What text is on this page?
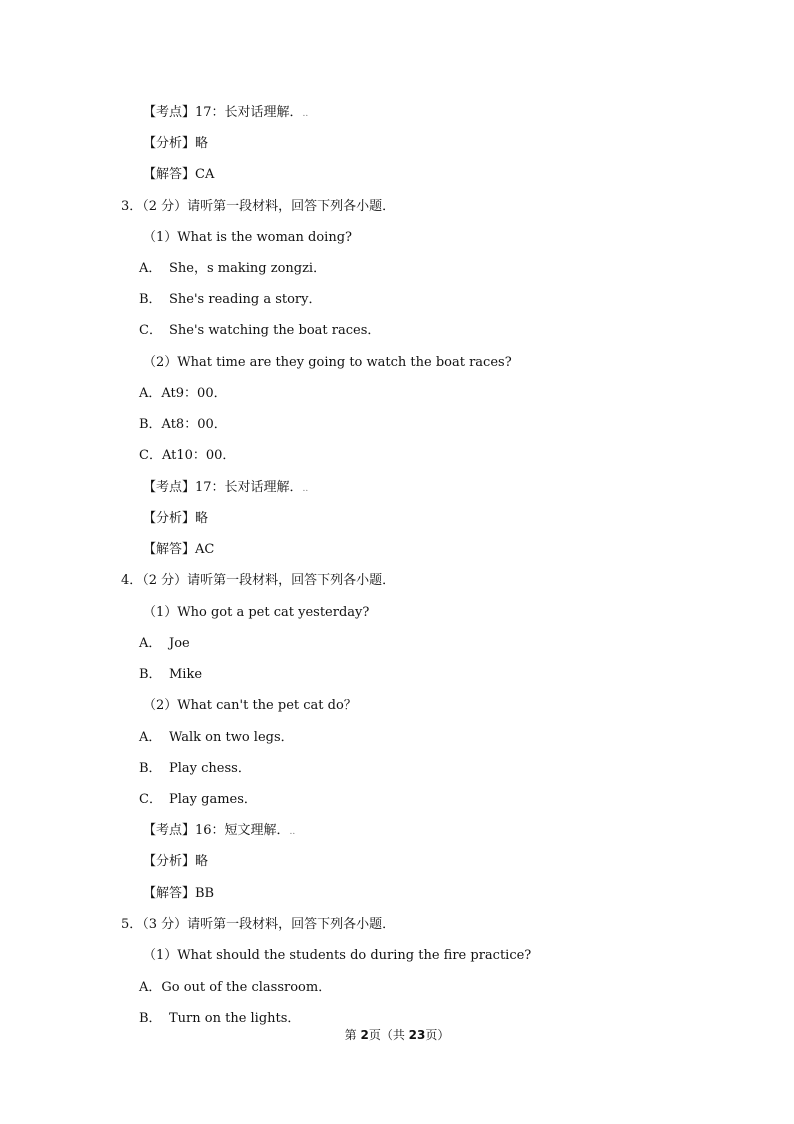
【考点】17：长对话理解．..
【分析】略
【解答】CA
3．（2 分）请听第一段材料，回答下列各小题．
（1）What is the woman doing?
A． She，s making zongzi．
B． She's reading a story．
C． She's watching the boat races．
（2）What time are they going to watch the boat races?
A．At9：00．
B．At8：00．
C．At10：00．
【考点】17：长对话理解．..
【分析】略
【解答】AC
4．（2 分）请听第一段材料，回答下列各小题．
（1）Who got a pet cat yesterday?
A． Joe
B． Mike
（2）What can't the pet cat do？
A． Walk on two legs．
B． Play chess．
C． Play games．
【考点】16：短文理解．..
【分析】略
【解答】BB
5．（3 分）请听第一段材料，回答下列各小题．
（1）What should the students do during the fire practice?
A．Go out of the classroom．
B． Turn on the lights．
第 2页（共 23页）
